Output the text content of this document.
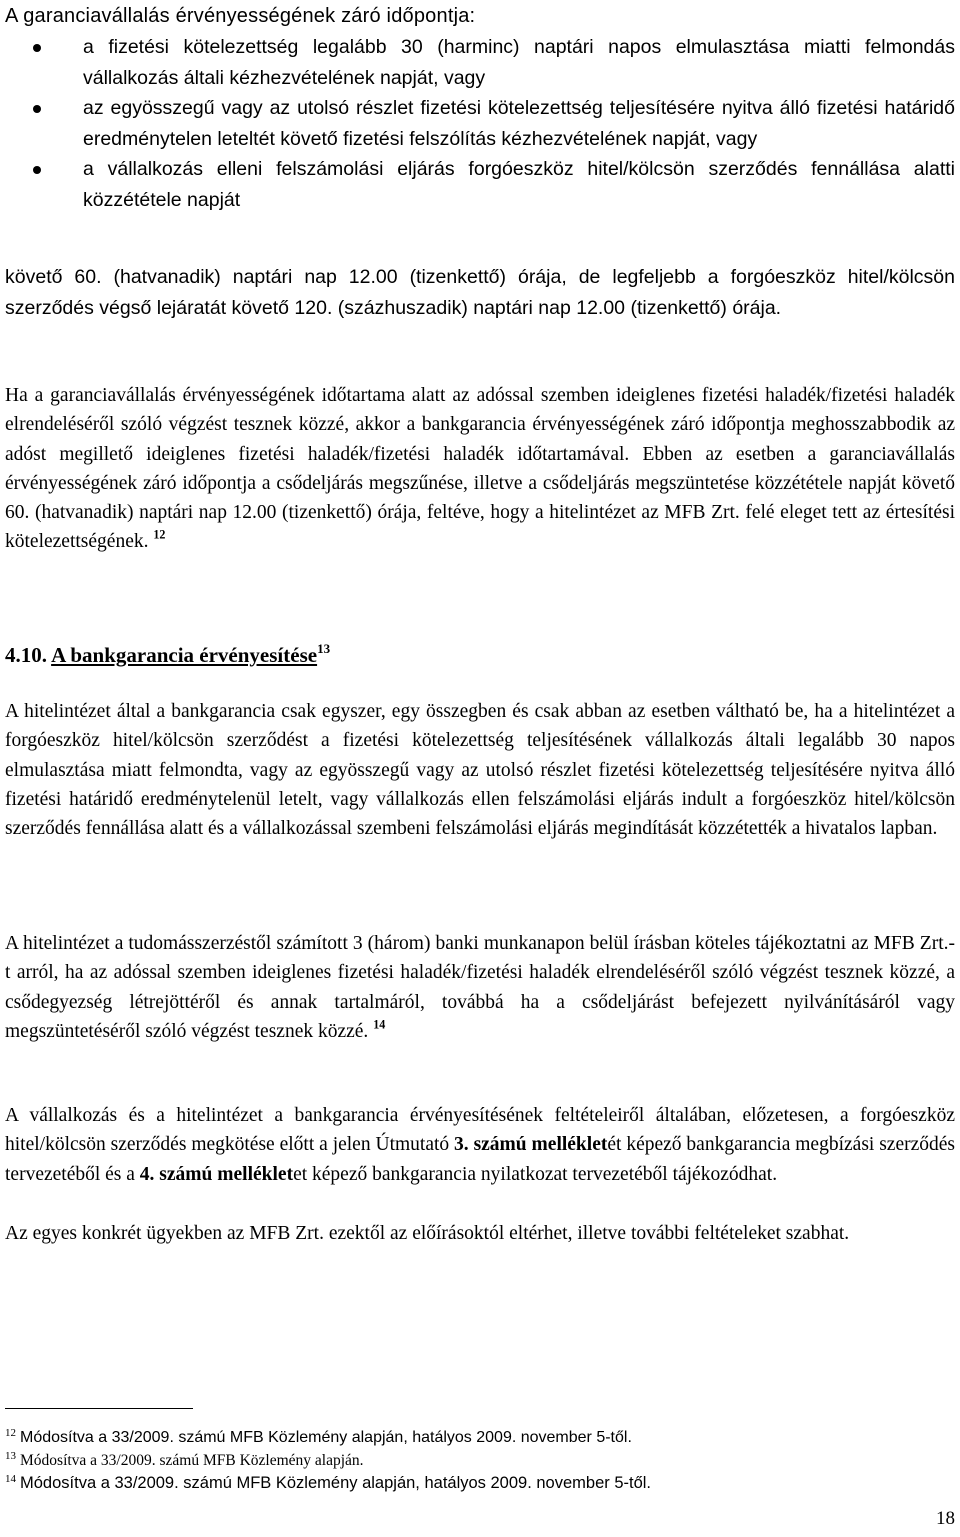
A garanciavállalás érvényességének záró időpontja:
a fizetési kötelezettség legalább 30 (harminc) naptári napos elmulasztása miatti felmondás vállalkozás általi kézhezvételének napját, vagy
az egyösszegű vagy az utolsó részlet fizetési kötelezettség teljesítésére nyitva álló fizetési határidő eredménytelen leteltét követő fizetési felszólítás kézhezvételének napját, vagy
a vállalkozás elleni felszámolási eljárás forgóeszköz hitel/kölcsön szerződés fennállása alatti közzététele napját
követő 60. (hatvanadik) naptári nap 12.00 (tizenkettő) órája, de legfeljebb a forgóeszköz hitel/kölcsön szerződés végső lejáratát követő 120. (százhuszadik) naptári nap 12.00 (tizenkettő) órája.

Ha a garanciavállalás érvényességének időtartama alatt az adóssal szemben ideiglenes fizetési haladék/fizetési haladék elrendeléséről szóló végzést tesznek közzé, akkor a bankgarancia érvényességének záró időpontja meghosszabbodik az adóst megillető ideiglenes fizetési haladék/fizetési haladék időtartamával. Ebben az esetben a garanciavállalás érvényességének záró időpontja a csődeljárás megszűnése, illetve a csődeljárás megszüntetése közzététele napját követő 60. (hatvanadik) naptári nap 12.00 (tizenkettő) órája, feltéve, hogy a hitelintézet az MFB Zrt. felé eleget tett az értesítési kötelezettségének. $^{12}$

4.10. A bankgarancia érvényesítése$^{13}$

A hitelintézet által a bankgarancia csak egyszer, egy összegben és csak abban az esetben váltható be, ha a hitelintézet a forgóeszköz hitel/kölcsön szerződést a fizetési kötelezettség teljesítésének vállalkozás általi legalább 30 napos elmulasztása miatt felmondta, vagy az egyösszegű vagy az utolsó részlet fizetési kötelezettség teljesítésére nyitva álló fizetési határidő eredménytelenül letelt, vagy vállalkozás ellen felszámolási eljárás indult a forgóeszköz hitel/kölcsön szerződés fennállása alatt és a vállalkozással szembeni felszámolási eljárás megindítását közzétették a hivatalos lapban.

A hitelintézet a tudomásszerzéstől számított 3 (három) banki munkanapon belül írásban köteles tájékoztatni az MFB Zrt.-t arról, ha az adóssal szemben ideiglenes fizetési haladék/fizetési haladék elrendeléséről szóló végzést tesznek közzé, a csődegyezség létrejöttéről és annak tartalmáról, továbbá ha a csődeljárást befejezett nyilvánításáról vagy megszüntetéséről szóló végzést tesznek közzé. $^{14}$

A vállalkozás és a hitelintézet a bankgarancia érvényesítésének feltételeiről általában, előzetesen, a forgóeszköz hitel/kölcsön szerződés megkötése előtt a jelen Útmutató 3. számú mellékletét képező bankgarancia megbízási szerződés tervezetéből és a 4. számú mellékletet képező bankgarancia nyilatkozat tervezetéből tájékozódhat.

Az egyes konkrét ügyekben az MFB Zrt. ezektől az előírásoktól eltérhet, illetve további feltételeket szabhat.

$^{12}$ Módosítva a 33/2009. számú MFB Közlemény alapján, hatályos 2009. november 5-től.
$^{13}$ Módosítva a 33/2009. számú MFB Közlemény alapján.
$^{14}$ Módosítva a 33/2009. számú MFB Közlemény alapján, hatályos 2009. november 5-től.
18
